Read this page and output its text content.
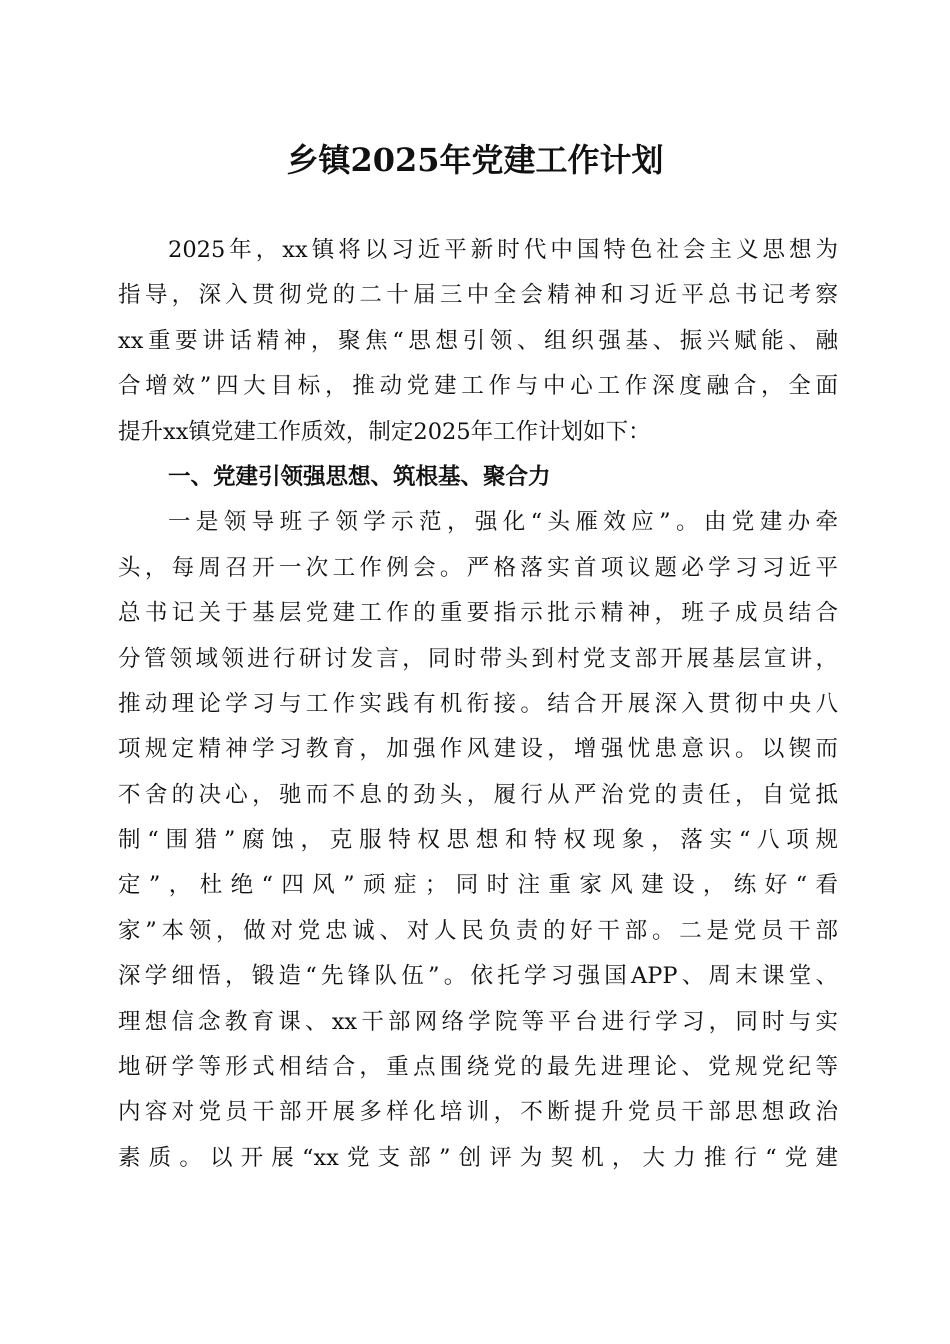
乡镇2025年党建工作计划
2025年，xx镇将以习近平新时代中国特色社会主义思想为
指导，深入贯彻党的二十届三中全会精神和习近平总书记考察
xx重要讲话精神，聚焦“思想引领、组织强基、振兴赋能、融
合增效”四大目标，推动党建工作与中心工作深度融合，全面
提升xx镇党建工作质效，制定2025年工作计划如下：
一、党建引领强思想、筑根基、聚合力
一是领导班子领学示范，强化“头雁效应”。由党建办牵
头，每周召开一次工作例会。严格落实首项议题必学习习近平
总书记关于基层党建工作的重要指示批示精神，班子成员结合
分管领域领进行研讨发言，同时带头到村党支部开展基层宣讲，
推动理论学习与工作实践有机衔接。结合开展深入贯彻中央八
项规定精神学习教育，加强作风建设，增强忧患意识。以锲而
不舍的决心，驰而不息的劲头，履行从严治党的责任，自觉抵
制“围猎”腐蚀，克服特权思想和特权现象，落实“八项规
定”，杜绝“四风”顽症；同时注重家风建设，练好“看
家”本领，做对党忠诚、对人民负责的好干部。二是党员干部
深学细悟，锻造“先锋队伍”。依托学习强国APP、周末课堂、
理想信念教育课、xx干部网络学院等平台进行学习，同时与实
地研学等形式相结合，重点围绕党的最先进理论、党规党纪等
内容对党员干部开展多样化培训，不断提升党员干部思想政治
素质。以开展“xx党支部”创评为契机，大力推行“党建
